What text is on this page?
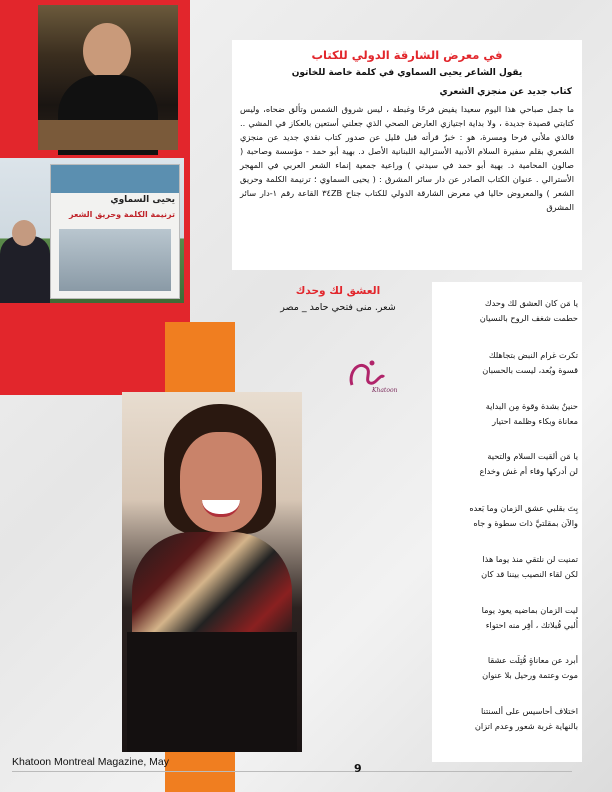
يحيى السماوي
ترنيمة الكلمة وحريق الشعر
في معرض الشارقة الدولي للكتاب
يقول الشاعر يحيى السماوي في كلمة خاصة للخاتون
كتاب جديد عن منجزي الشعري
ما جمل صباحي هذا اليوم سعيدا يفيض فرحًا وغبطة ، ليس شروق الشمس وتألق ضحاه، وليس كتابتي قصيدة جديدة ، ولا بداية اجتيازي العارض الصحي الذي جعلني أستعين بالعكاز في المشي .. فالذي ملأني فرحا ومسرة، هو : خبرٌ قرأته قبل قليل عن صدور كتاب نقدي جديد عن منجزي الشعري بقلم سفيرة السلام الأدبية الأسترالية اللبنانية الأصل د. بهية أبو حمد - مؤسسة وصاحبة ( صالون المحامية د. بهية أبو حمد في سيدني ) وراعية جمعية إنماء الشعر العربي في المهجر الأسترالي . عنوان الكتاب الصادر عن دار سائر المشرق : ( يحيى السماوي ؛ ترنيمة الكلمة وحريق الشعر ) والمعروض حاليا في معرض الشارقة الدولي للكتاب جناح ٣٤ZB القاعة رقم ١-دار سائر المشرق
العشق لك وحدك
شعر. منى فتحي حامد _ مصر
Khatoon
يا مَن كان العشق لك وحدك
حطمت شغف الروح بالنسيان
تكرت غرام النبض بتجاهلك
قسوة وبُعد، ليست بالحسبان
حنينٌ بشدة وقوة مِن البداية
معاناة وبكاء وظلمة احتيار
يا مَن ألقيت السلام والتحية
لن أدركها وفاء أم غش وخداع
بِتَ بقلبي عشق الزمان وما بَعده
والآن بمقلتيَّ ذات سطوة و جاه
تمنيت لن نلتقي منذ يوما هذا
لكن لقاء النصيب بيننا قد كان
ليت الزمان بماضيه يعود يوما
أُلبي قُبلاتك ، أفِر منه احتواء
أبرد عن معاناةٍ قُتِلَت عشقا
موت وعتمة ورحيل بلا عنوان
اختلاف أحاسيس على ألسنتنا
بالنهاية غربة شعور وعدم اتزان
Khatoon Montreal Magazine, May	9
